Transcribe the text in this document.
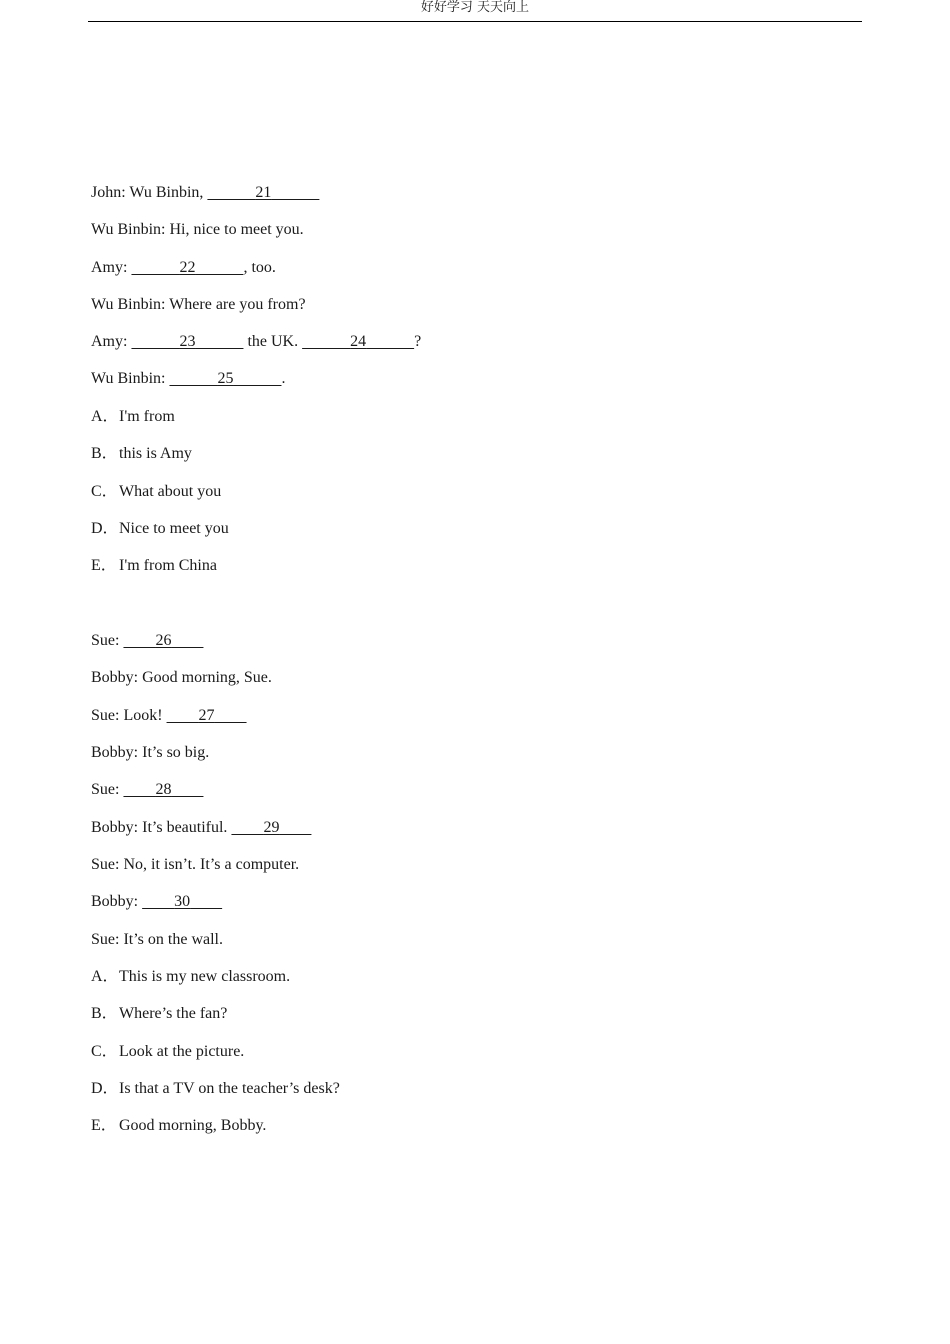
好好学习 天天向上
John: Wu Binbin,	21
Wu Binbin: Hi, nice to meet you.
Amy:	22	, too.
Wu Binbin: Where are you from?
Amy:	23	the UK.	24	?
Wu Binbin:	25	.
A．I'm from
B．this is Amy
C．What about you
D．Nice to meet you
E． I'm from China
Sue:         26
Bobby: Good morning, Sue.
Sue: Look!         27
Bobby: It’s so big.
Sue:         28
Bobby: It’s beautiful.         29
Sue: No, it isn’t. It’s a computer.
Bobby:         30
Sue: It’s on the wall.
A．This is my new classroom.
B．Where’s the fan?
C．Look at the picture.
D．Is that a TV on the teacher’s desk?
E． Good morning, Bobby.
